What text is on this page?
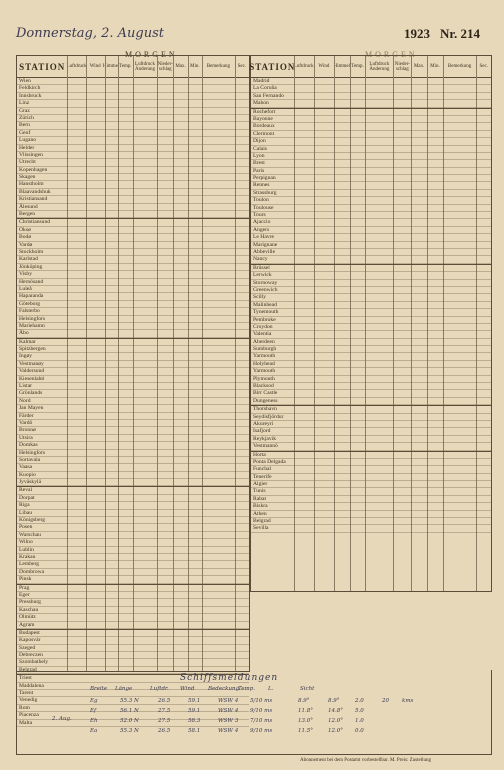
Donnerstag, 2. August	1923 Nr. 214
MORGEN	MORGEN
STATION Luftdruck Wind Himmel Temp. Luftdruck Änderung
Nieder-schlag Max. Min.	Bemerkung	Sec.
Wien
Feldkirch
Innsbruck
Linz
Graz
Zürich
Bern
Genf
Lugano
Helder
Vlissingen
Utrecht
Kopenhagen
Skagen
Hanstholm
Blaavandshuk
Kristiansand
Ålesund
Bergen
Christiansund
Oksø
Bodø
Vardø
Stockholm
Karlstad
Jönköping
Visby
Hernösand
Luleå
Haparanda
Göteborg
Falsterbo
Helsingfors
Mariehamn
Åbo
Kalmar
Spitzbergen
Ingøy
Vestmanøy
Valdersund
Kiesenlahti
Listar
Grönlands
Nord
Jan Mayen
Färder
Vardö
Bronnø
Utsira
Domkas
Helsingfors
Sortavala
Vaasa
Kuopio
Jyväskylä
Reval
Dorpat
Riga
Libau
Königsberg
Posen
Warschau
Wilno
Lublin
Krakau
Lemberg
Dombrowa
Pinsk
Prag
Eger
Pressburg
Kaschau
Olmütz
Agram
Budapest
Kaposvár
Szeged
Debreczen
Szombathely
Belgrad
Triest
Maddalena
Tarent
Venedig
Rom
Piacenza
Malta
STATION
Luftdruck Wind Himmel Temp.	Luftdruck Änderung
Nieder-schlag	Max.	Min.	Bemerkung	Sec.
Madrid
La Coruña
San Fernando
Mahon
Rochefort
Bayonne
Bordeaux
Clermont
Dijon
Calais
Lyon
Brest
Paris
Perpignan
Rennes
Strassburg
Toulon
Toulouse
Tours
Ajaccio
Angers
Le Havre
Marignane
Abbeville
Nancy
Brüssel
Lerwick
Stornoway
Greenwich
Scilly
Malinhead
Tynemouth
Pembroke
Croydon
Valentia
Aberdeen
Sumburgh
Yarmouth
Holyhead
Yarmouth
Plymouth
Blacksod
Birr Castle
Dungeness
Thorshavn
Seydisfjördur
Akureyri
Isafjord
Reykjavik
Vestmannö
Horta
Ponta Delgada
Funchal
Tenerife
Algier
Tunis
Rabat
Biskra
Athen
Belgrad
Sevilla
Schiffsmeldungen
Breite Länge	Luftdr. Wind Bedeckung
Temp. L.	Sicht
2. Aug.
Eg	55.3 N	26.5	59.1	WSW 4 5/10 ms	8.9°	8.9°	2.0	20 kms
Ef	56.1 N	27.5	59.1	WSW 4 9/10 ms	11.8°	14.8° 5.0
Eh	52.0 N	27.5	58.3	WSW 3 7/10 ms	13.0°	12.0° 1.0
Ea	55.3 N	26.5	58.1	WSW 4 9/10 ms	11.5°	12.0° 0.0
Abonnement bei dem Postamt vorbestellbar. M. Preis: Zustellung
